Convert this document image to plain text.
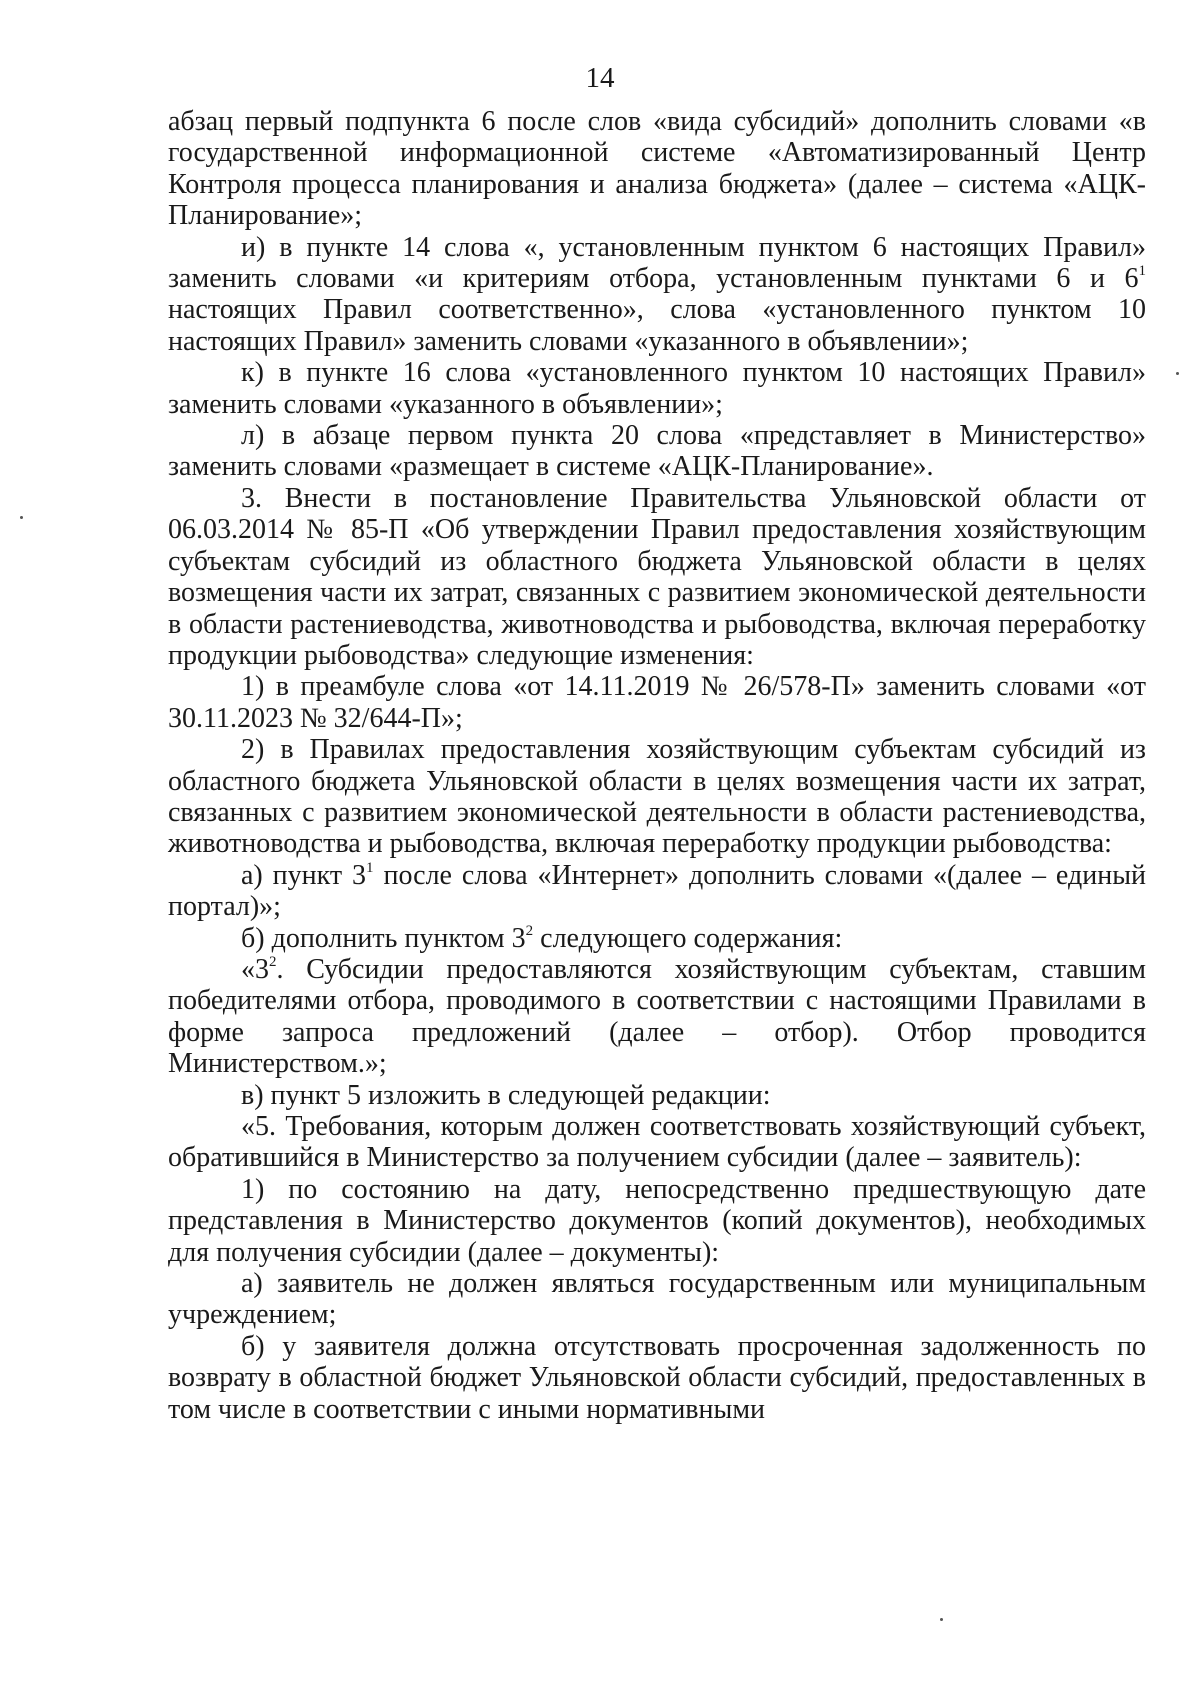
14

абзац первый подпункта 6 после слов «вида субсидий» дополнить словами «в государственной информационной системе «Автоматизированный Центр Контроля процесса планирования и анализа бюджета» (далее – система «АЦК-Планирование»;

и) в пункте 14 слова «, установленным пунктом 6 настоящих Правил» заменить словами «и критериям отбора, установленным пунктами 6 и $6^1$ настоящих Правил соответственно», слова «установленного пунктом 10 настоящих Правил» заменить словами «указанного в объявлении»;

к) в пункте 16 слова «установленного пунктом 10 настоящих Правил» заменить словами «указанного в объявлении»;

л) в абзаце первом пункта 20 слова «представляет в Министерство» заменить словами «размещает в системе «АЦК-Планирование».

3. Внести в постановление Правительства Ульяновской области от 06.03.2014 № 85-П «Об утверждении Правил предоставления хозяйствующим субъектам субсидий из областного бюджета Ульяновской области в целях возмещения части их затрат, связанных с развитием экономической деятельности в области растениеводства, животноводства и рыбоводства, включая переработку продукции рыбоводства» следующие изменения:

1) в преамбуле слова «от 14.11.2019 № 26/578-П» заменить словами «от 30.11.2023 № 32/644-П»;

2) в Правилах предоставления хозяйствующим субъектам субсидий из областного бюджета Ульяновской области в целях возмещения части их затрат, связанных с развитием экономической деятельности в области растениеводства, животноводства и рыбоводства, включая переработку продукции рыбоводства:

а) пункт $3^1$ после слова «Интернет» дополнить словами «(далее – единый портал)»;

б) дополнить пунктом $3^2$ следующего содержания:

«$3^2$. Субсидии предоставляются хозяйствующим субъектам, ставшим победителями отбора, проводимого в соответствии с настоящими Правилами в форме запроса предложений (далее – отбор). Отбор проводится Министерством.»;

в) пункт 5 изложить в следующей редакции:

«5. Требования, которым должен соответствовать хозяйствующий субъект, обратившийся в Министерство за получением субсидии (далее – заявитель):

1) по состоянию на дату, непосредственно предшествующую дате представления в Министерство документов (копий документов), необходимых для получения субсидии (далее – документы):

а) заявитель не должен являться государственным или муниципальным учреждением;

б) у заявителя должна отсутствовать просроченная задолженность по возврату в областной бюджет Ульяновской области субсидий, предоставленных в том числе в соответствии с иными нормативными
